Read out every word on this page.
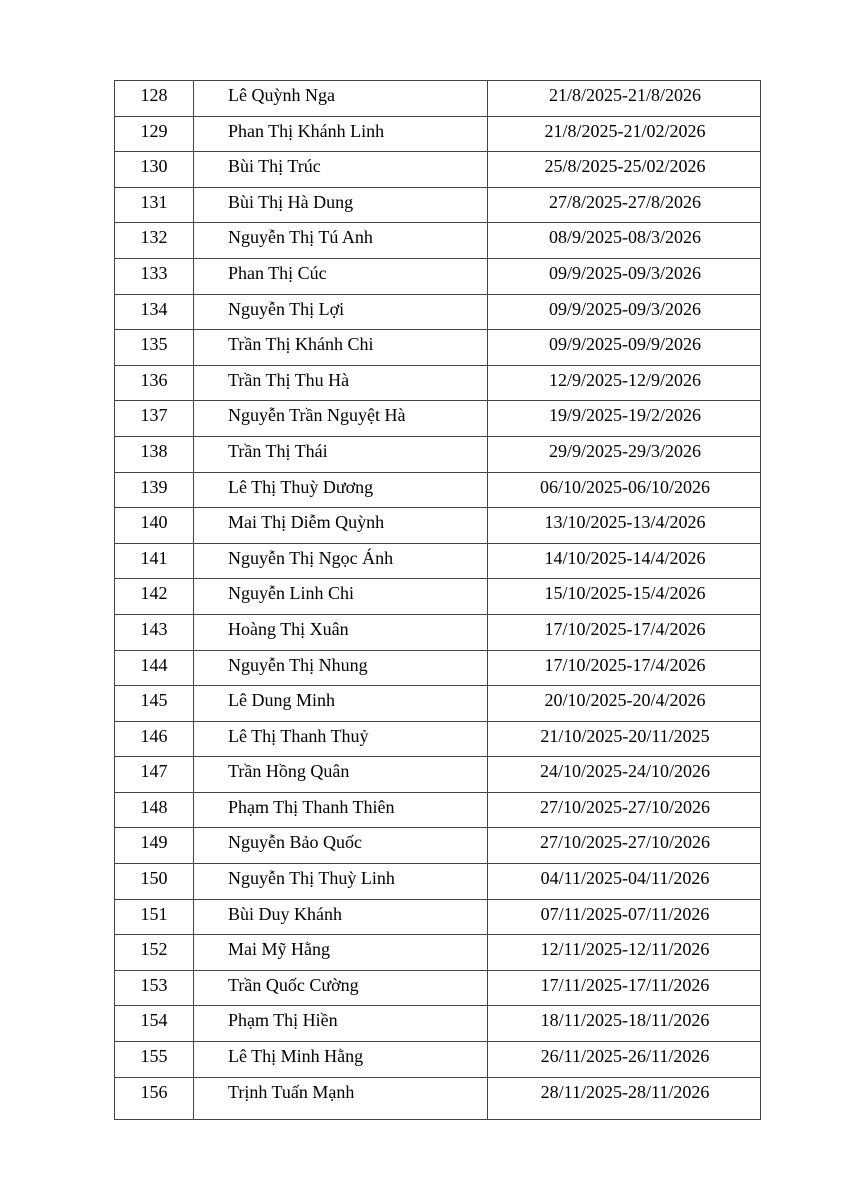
128	Lê Quỳnh Nga	21/8/2025-21/8/2026
129	Phan Thị Khánh Linh	21/8/2025-21/02/2026
130	Bùi Thị Trúc	25/8/2025-25/02/2026
131	Bùi Thị Hà Dung	27/8/2025-27/8/2026
132	Nguyễn Thị Tú Anh	08/9/2025-08/3/2026
133	Phan Thị Cúc	09/9/2025-09/3/2026
134	Nguyễn Thị Lợi	09/9/2025-09/3/2026
135	Trần Thị Khánh Chi	09/9/2025-09/9/2026
136	Trần Thị Thu Hà	12/9/2025-12/9/2026
137	Nguyễn Trần Nguyệt Hà	19/9/2025-19/2/2026
138	Trần Thị Thái	29/9/2025-29/3/2026
139	Lê Thị Thuỳ Dương	06/10/2025-06/10/2026
140	Mai Thị Diễm Quỳnh	13/10/2025-13/4/2026
141	Nguyễn Thị Ngọc Ánh	14/10/2025-14/4/2026
142	Nguyễn Linh Chi	15/10/2025-15/4/2026
143	Hoàng Thị Xuân	17/10/2025-17/4/2026
144	Nguyễn Thị Nhung	17/10/2025-17/4/2026
145	Lê Dung Minh	20/10/2025-20/4/2026
146	Lê Thị Thanh Thuỷ	21/10/2025-20/11/2025
147	Trần Hồng Quân	24/10/2025-24/10/2026
148	Phạm Thị Thanh Thiên	27/10/2025-27/10/2026
149	Nguyễn Bảo Quốc	27/10/2025-27/10/2026
150	Nguyễn Thị Thuỳ Linh	04/11/2025-04/11/2026
151	Bùi Duy Khánh	07/11/2025-07/11/2026
152	Mai Mỹ Hằng	12/11/2025-12/11/2026
153	Trần Quốc Cường	17/11/2025-17/11/2026
154	Phạm Thị Hiền	18/11/2025-18/11/2026
155	Lê Thị Minh Hằng	26/11/2025-26/11/2026
156	Trịnh Tuấn Mạnh	28/11/2025-28/11/2026
